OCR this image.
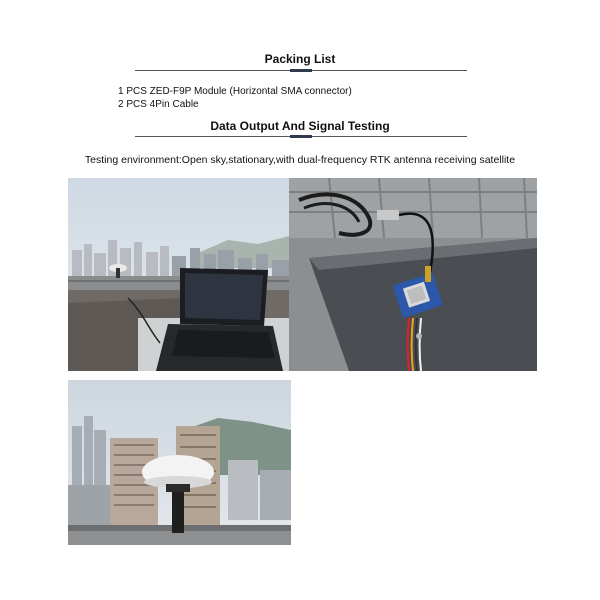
Packing List
1 PCS ZED-F9P Module (Horizontal SMA connector)
2 PCS 4Pin Cable
Data Output And Signal Testing
Testing environment:Open sky,stationary,with dual-frequency RTK antenna receiving satellite
